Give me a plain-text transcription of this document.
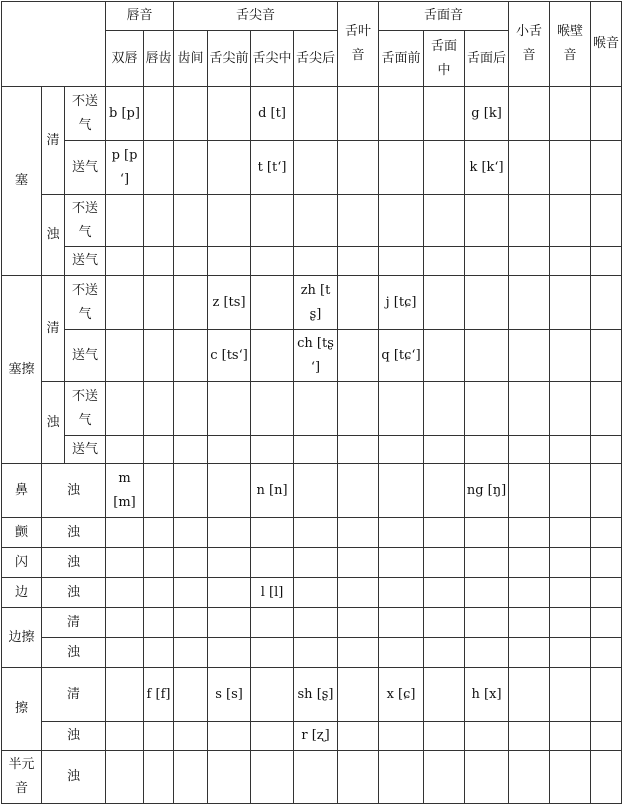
			唇音		舌尖音				舌叶音	舌面音			小舌音	喉壁音	喉音
			双唇	唇齿	齿间	舌尖前	舌尖中	舌尖后		舌面前	舌面中	舌面后			
塞	清	不送气	b [p]				d [t]					g [k]			
		送气	p [pʻ]				t [tʻ]					k [kʻ]			
	浊	不送气													
		送气													
塞擦	清	不送气				z [ts]		zh [tʂ]		j [tɕ]					
		送气				c [tsʻ]		ch [tʂʻ]		q [tɕʻ]					
	浊	不送气													
		送气													
鼻	浊		m [m]				n [n]					ng [ŋ]			
颤	浊														
闪	浊														
边	浊						l [l]								
边擦	清														
	浊														
擦	清			f [f]		s [s]		sh [ʂ]		x [ɕ]		h [x]			
	浊							r [ʐ]							
半元音	浊														
